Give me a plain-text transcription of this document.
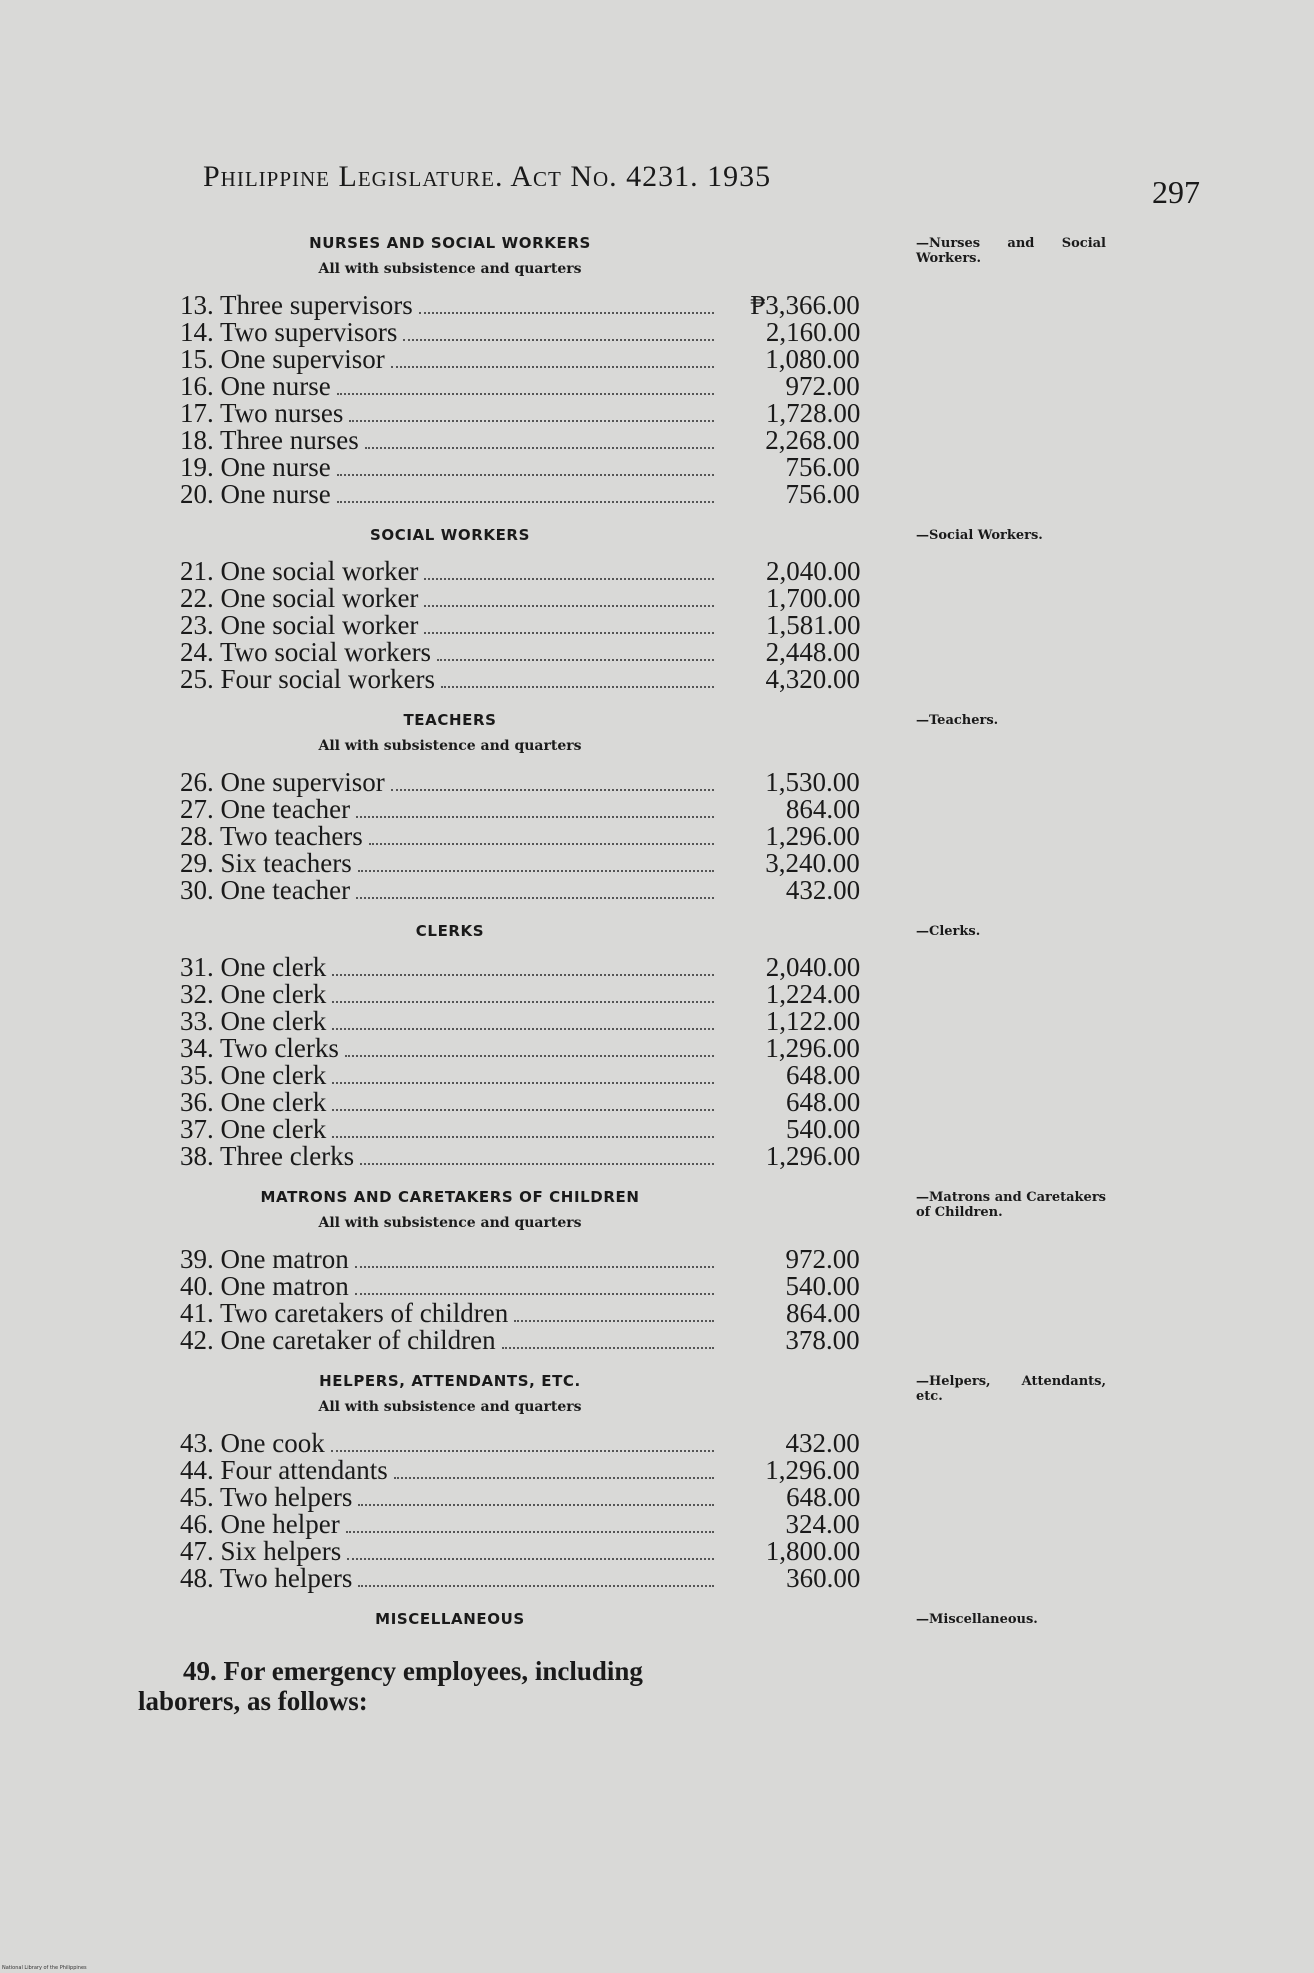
Philippine Legislature. Act No. 4231. 1935	297
NURSES AND SOCIAL WORKERS	—Nurses and Social Workers.
All with subsistence and quarters
13. Three supervisors	₱3,366.00
14. Two supervisors	2,160.00
15. One supervisor	1,080.00
16. One nurse	972.00
17. Two nurses	1,728.00
18. Three nurses	2,268.00
19. One nurse	756.00
20. One nurse	756.00
SOCIAL WORKERS	—Social Workers.
21. One social worker	2,040.00
22. One social worker	1,700.00
23. One social worker	1,581.00
24. Two social workers	2,448.00
25. Four social workers	4,320.00
TEACHERS	—Teachers.
All with subsistence and quarters
26. One supervisor	1,530.00
27. One teacher	864.00
28. Two teachers	1,296.00
29. Six teachers	3,240.00
30. One teacher	432.00
CLERKS	—Clerks.
31. One clerk	2,040.00
32. One clerk	1,224.00
33. One clerk	1,122.00
34. Two clerks	1,296.00
35. One clerk	648.00
36. One clerk	648.00
37. One clerk	540.00
38. Three clerks	1,296.00
MATRONS AND CARETAKERS OF CHILDREN	—Matrons and Caretakers of Children.
All with subsistence and quarters
39. One matron	972.00
40. One matron	540.00
41. Two caretakers of children	864.00
42. One caretaker of children	378.00
HELPERS, ATTENDANTS, ETC.	—Helpers, Attendants, etc.
All with subsistence and quarters
43. One cook	432.00
44. Four attendants	1,296.00
45. Two helpers	648.00
46. One helper	324.00
47. Six helpers	1,800.00
48. Two helpers	360.00
MISCELLANEOUS	—Miscellaneous.
49. For emergency employees, including laborers, as follows:
National Library of the Philippines
